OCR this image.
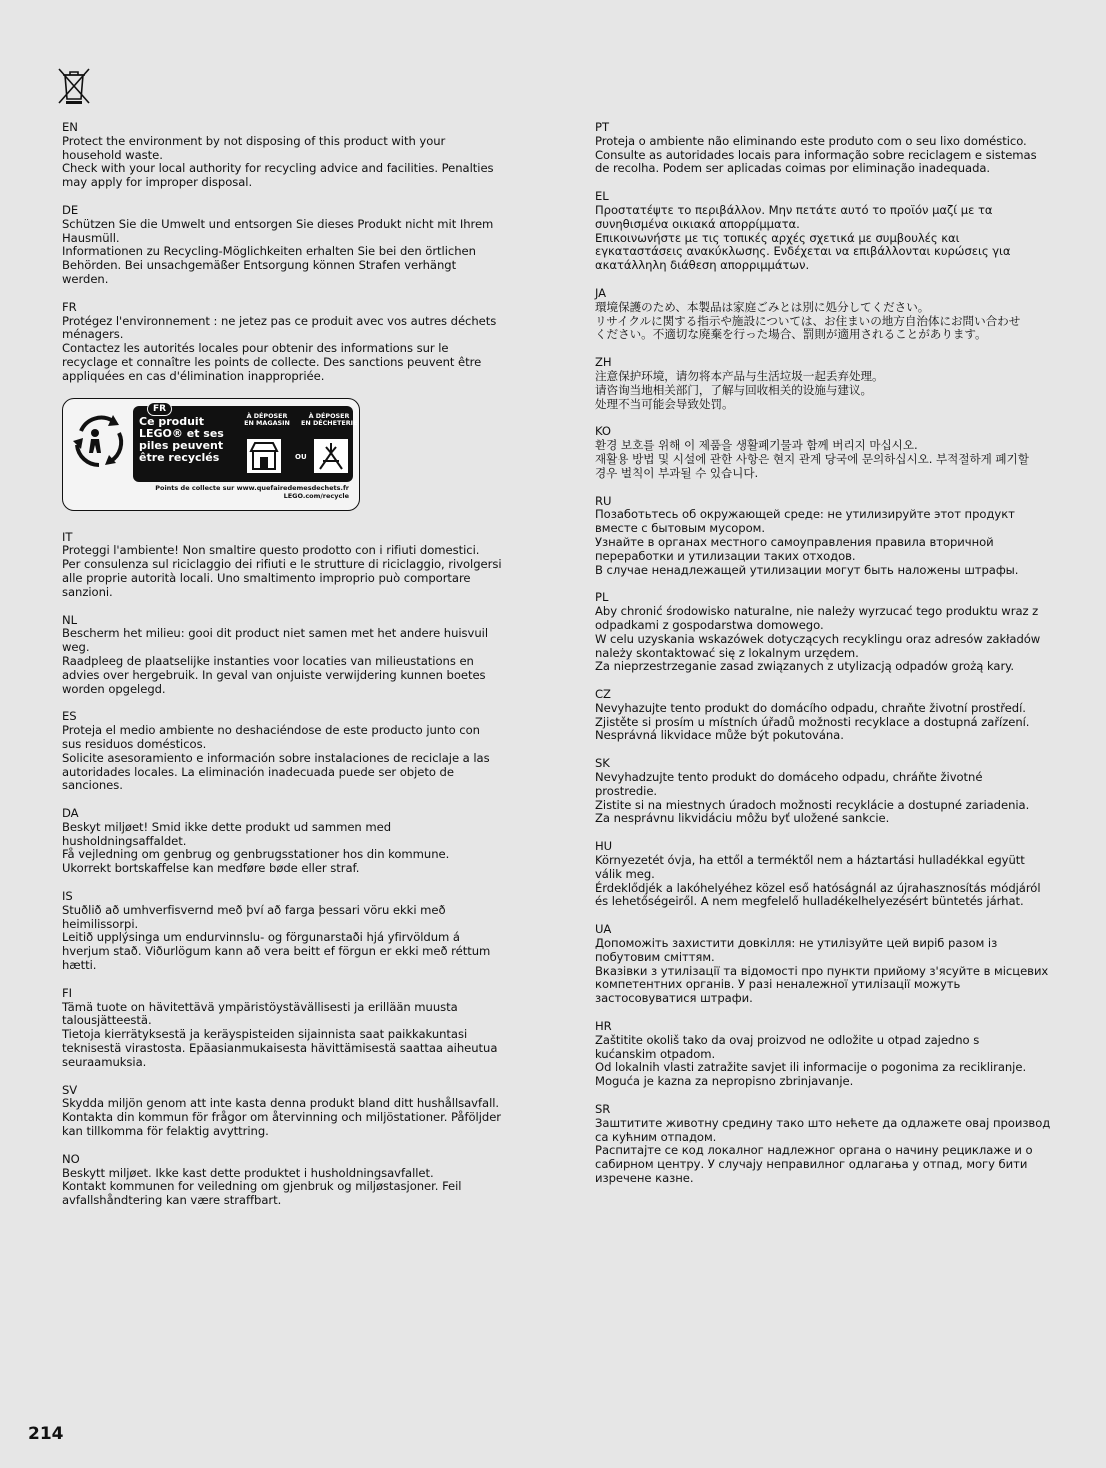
EN
Protect the environment by not disposing of this product with your
household waste.
Check with your local authority for recycling advice and facilities. Penalties
may apply for improper disposal.
DE
Schützen Sie die Umwelt und entsorgen Sie dieses Produkt nicht mit Ihrem
Hausmüll.
Informationen zu Recycling-Möglichkeiten erhalten Sie bei den örtlichen
Behörden. Bei unsachgemäßer Entsorgung können Strafen verhängt
werden.
FR
Protégez l'environnement : ne jetez pas ce produit avec vos autres déchets
ménagers.
Contactez les autorités locales pour obtenir des informations sur le
recyclage et connaître les points de collecte. Des sanctions peuvent être
appliquées en cas d'élimination inappropriée.
FR
Ce produit
LEGO® et ses
piles peuvent
être recyclés
À DÉPOSER
EN MAGASIN
À DÉPOSER
EN DÉCHETERIE
OU
Points de collecte sur www.quefairedemesdechets.fr
LEGO.com/recycle
IT
Proteggi l'ambiente! Non smaltire questo prodotto con i rifiuti domestici.
Per consulenza sul riciclaggio dei rifiuti e le strutture di riciclaggio, rivolgersi
alle proprie autorità locali. Uno smaltimento improprio può comportare
sanzioni.
NL
Bescherm het milieu: gooi dit product niet samen met het andere huisvuil
weg.
Raadpleeg de plaatselijke instanties voor locaties van milieustations en
advies over hergebruik. In geval van onjuiste verwijdering kunnen boetes
worden opgelegd.
ES
Proteja el medio ambiente no deshaciéndose de este producto junto con
sus residuos domésticos.
Solicite asesoramiento e información sobre instalaciones de reciclaje a las
autoridades locales. La eliminación inadecuada puede ser objeto de
sanciones.
DA
Beskyt miljøet! Smid ikke dette produkt ud sammen med
husholdningsaffaldet.
Få vejledning om genbrug og genbrugsstationer hos din kommune.
Ukorrekt bortskaffelse kan medføre bøde eller straf.
IS
Stuðlið að umhverfisvernd með því að farga þessari vöru ekki með
heimilissorpi.
Leitið upplýsinga um endurvinnslu- og förgunarstaði hjá yfirvöldum á
hverjum stað. Viðurlögum kann að vera beitt ef förgun er ekki með réttum
hætti.
FI
Tämä tuote on hävitettävä ympäristöystävällisesti ja erillään muusta
talousjätteestä.
Tietoja kierrätyksestä ja keräyspisteiden sijainnista saat paikkakuntasi
teknisestä virastosta. Epäasianmukaisesta hävittämisestä saattaa aiheutua
seuraamuksia.
SV
Skydda miljön genom att inte kasta denna produkt bland ditt hushållsavfall.
Kontakta din kommun för frågor om återvinning och miljöstationer. Påföljder
kan tillkomma för felaktig avyttring.
NO
Beskytt miljøet. Ikke kast dette produktet i husholdningsavfallet.
Kontakt kommunen for veiledning om gjenbruk og miljøstasjoner. Feil
avfallshåndtering kan være straffbart.
PT
Proteja o ambiente não eliminando este produto com o seu lixo doméstico.
Consulte as autoridades locais para informação sobre reciclagem e sistemas
de recolha. Podem ser aplicadas coimas por eliminação inadequada.
EL
Προστατέψτε το περιβάλλον. Μην πετάτε αυτό το προϊόν μαζί με τα
συνηθισμένα οικιακά απορρίμματα.
Επικοινωνήστε με τις τοπικές αρχές σχετικά με συμβουλές και
εγκαταστάσεις ανακύκλωσης. Ενδέχεται να επιβάλλονται κυρώσεις για
ακατάλληλη διάθεση απορριμμάτων.
JA
環境保護のため、本製品は家庭ごみとは別に処分してください。
リサイクルに関する指示や施設については、お住まいの地方自治体にお問い合わせ
ください。不適切な廃棄を行った場合、罰則が適用されることがあります。
ZH
注意保护环境，请勿将本产品与生活垃圾一起丢弃处理。
请咨询当地相关部门，了解与回收相关的设施与建议。
处理不当可能会导致处罚。
KO
환경 보호를 위해 이 제품을 생활폐기물과 함께 버리지 마십시오.
재활용 방법 및 시설에 관한 사항은 현지 관계 당국에 문의하십시오. 부적절하게 폐기할
경우 벌칙이 부과될 수 있습니다.
RU
Позаботьтесь об окружающей среде: не утилизируйте этот продукт
вместе с бытовым мусором.
Узнайте в органах местного самоуправления правила вторичной
переработки и утилизации таких отходов.
В случае ненадлежащей утилизации могут быть наложены штрафы.
PL
Aby chronić środowisko naturalne, nie należy wyrzucać tego produktu wraz z
odpadkami z gospodarstwa domowego.
W celu uzyskania wskazówek dotyczących recyklingu oraz adresów zakładów
należy skontaktować się z lokalnym urzędem.
Za nieprzestrzeganie zasad związanych z utylizacją odpadów grożą kary.
CZ
Nevyhazujte tento produkt do domácího odpadu, chraňte životní prostředí.
Zjistěte si prosím u místních úřadů možnosti recyklace a dostupná zařízení.
Nesprávná likvidace může být pokutována.
SK
Nevyhadzujte tento produkt do domáceho odpadu, chráňte životné
prostredie.
Zistite si na miestnych úradoch možnosti recyklácie a dostupné zariadenia.
Za nesprávnu likvidáciu môžu byť uložené sankcie.
HU
Környezetét óvja, ha ettől a terméktől nem a háztartási hulladékkal együtt
válik meg.
Érdeklődjék a lakóhelyéhez közel eső hatóságnál az újrahasznosítás módjáról
és lehetőségeiről. A nem megfelelő hulladékelhelyezésért büntetés járhat.
UA
Допоможіть захистити довкілля: не утилізуйте цей виріб разом із
побутовим сміттям.
Вказівки з утилізації та відомості про пункти прийому з'ясуйте в місцевих
компетентних органів. У разі неналежної утилізації можуть
застосовуватися штрафи.
HR
Zaštitite okoliš tako da ovaj proizvod ne odložite u otpad zajedno s
kućanskim otpadom.
Od lokalnih vlasti zatražite savjet ili informacije o pogonima za recikliranje.
Moguća je kazna za nepropisno zbrinjavanje.
SR
Заштитите животну средину тако што нећете да одлажете овај производ
са кућним отпадом.
Распитајте се код локалног надлежног органа о начину рециклаже и о
сабирном центру. У случају неправилног одлагања у отпад, могу бити
изречене казне.
214
